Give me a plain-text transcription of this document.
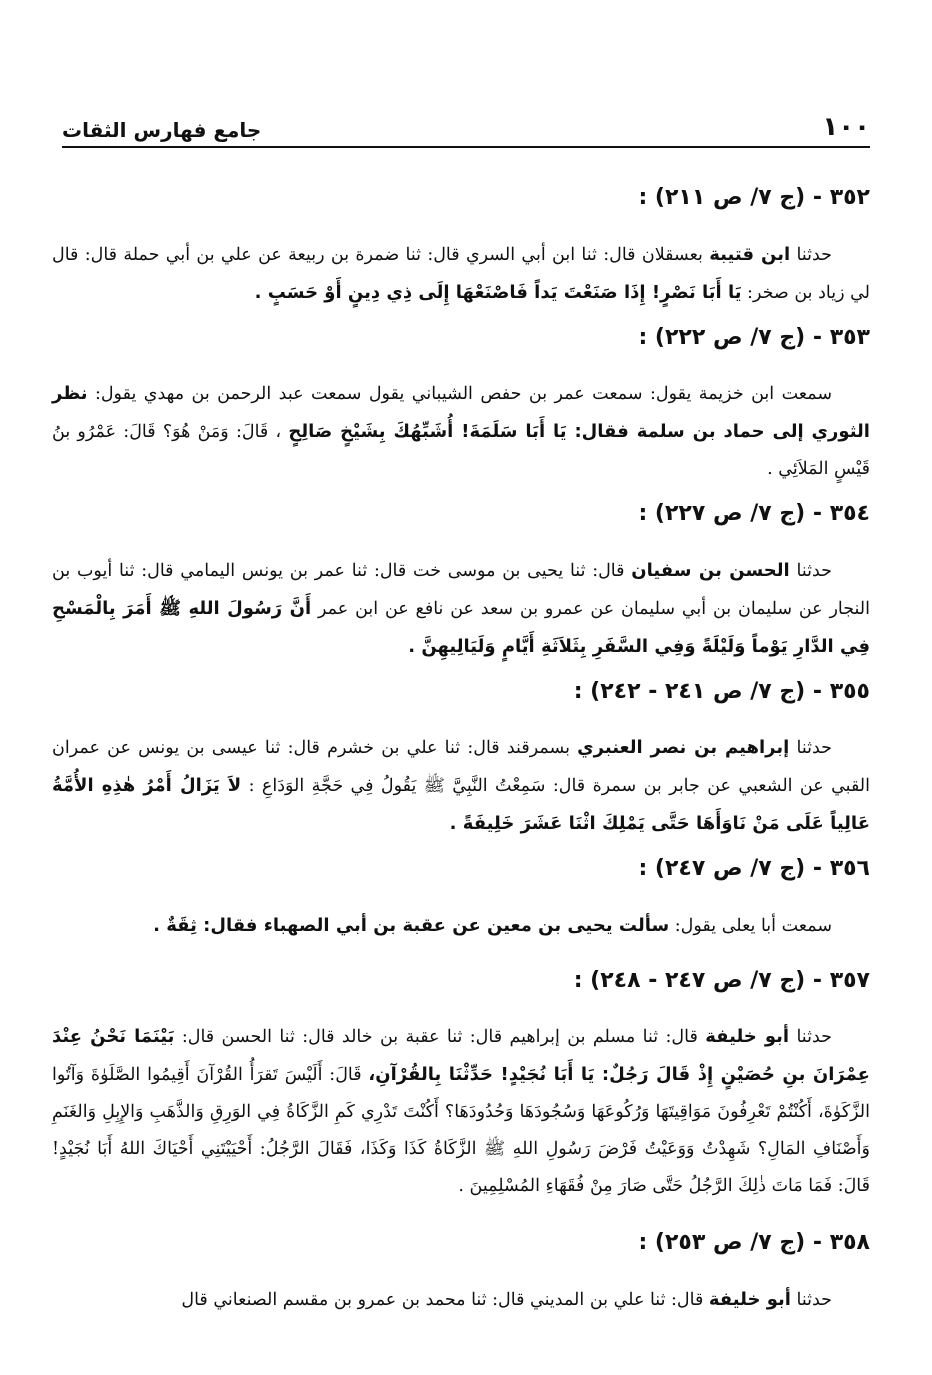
١٠٠
جامع فهارس الثقات
٣٥٢ - (ج ٧/ ص ٢١١) :

حدثنا ابن قتيبة بعسقلان قال: ثنا ابن أبي السري قال: ثنا ضمرة بن ربيعة عن علي بن أبي حملة قال: قال لي زياد بن صخر: يَا أَبَا نَصْرٍ! إِذَا صَنَعْتَ يَداً فَاصْنَعْهَا إِلَى ذِي دِينٍ أَوْ حَسَبٍ .

٣٥٣ - (ج ٧/ ص ٢٢٢) :

سمعت ابن خزيمة يقول: سمعت عمر بن حفص الشيباني يقول سمعت عبد الرحمن بن مهدي يقول: نظر الثوري إلى حماد بن سلمة فقال: يَا أَبَا سَلَمَةَ! أُشَبِّهُكَ بِشَيْخٍ صَالِحٍ ، قَالَ: وَمَنْ هُوَ؟ قَالَ: عَمْرُو بنُ قَيْسٍ المَلاَئِي .

٣٥٤ - (ج ٧/ ص ٢٢٧) :

حدثنا الحسن بن سفيان قال: ثنا يحيى بن موسى خت قال: ثنا عمر بن يونس اليمامي قال: ثنا أيوب بن النجار عن سليمان بن أبي سليمان عن عمرو بن سعد عن نافع عن ابن عمر أَنَّ رَسُولَ اللهِ ﷺ أَمَرَ بِالْمَسْحِ فِي الدَّارِ يَوْماً وَلَيْلَةً وَفِي السَّفَرِ بِثَلاَثَةِ أَيَّامٍ وَلَيَالِيهِنَّ .

٣٥٥ - (ج ٧/ ص ٢٤١ - ٢٤٢) :

حدثنا إبراهيم بن نصر العنبري بسمرقند قال: ثنا علي بن خشرم قال: ثنا عيسى بن يونس عن عمران القبي عن الشعبي عن جابر بن سمرة قال: سَمِعْتُ النَّبِيَّ ﷺ يَقُولُ فِي حَجَّةِ الوَدَاعِ : لاَ يَزَالُ أَمْرُ هٰذِهِ الأُمَّةُ عَالِياً عَلَى مَنْ نَاوَأَهَا حَتَّى يَمْلِكَ اثْنَا عَشَرَ خَلِيفَةً .

٣٥٦ - (ج ٧/ ص ٢٤٧) :

سمعت أبا يعلى يقول: سألت يحيى بن معين عن عقبة بن أبي الصهباء فقال: ثِقَةٌ .

٣٥٧ - (ج ٧/ ص ٢٤٧ - ٢٤٨) :

حدثنا أبو خليفة قال: ثنا مسلم بن إبراهيم قال: ثنا عقبة بن خالد قال: ثنا الحسن قال: بَيْنَمَا نَحْنُ عِنْدَ عِمْرَانَ بنِ حُصَيْنٍ إِذْ قَالَ رَجُلٌ: يَا أَبَا نُجَيْدٍ! حَدِّثْنَا بِالقُرْآنِ، قَالَ: أَلَيْسَ تَقرَأُ القُرْآنَ أَقِيمُوا الصَّلَوٰةَ وَآتُوا الزَّكَوٰةَ، أَكُنْتُمْ تَعْرِفُونَ مَوَاقِيتَهَا وَرُكُوعَهَا وَسُجُودَهَا وَحُدُودَهَا؟ أَكُنْتَ تَدْرِي كَمِ الزَّكَاةُ فِي الوَرِقِ وَالذَّهَبِ وَالإِبِلِ وَالغَنَمِ وَأَصْنَافِ المَالِ؟ شَهِدْتُ وَوَعَيْتُ فَرْضَ رَسُولِ اللهِ ﷺ الزَّكَاةُ كَذَا وَكَذَا، فَقَالَ الرَّجُلُ: أَحْيَيْتَنِي أَحْيَاكَ اللهُ أَبَا نُجَيْدٍ! قَالَ: فَمَا مَاتَ ذٰلِكَ الرَّجُلُ حَتَّى صَارَ مِنْ فُقَهَاءِ المُسْلِمِينَ .

٣٥٨ - (ج ٧/ ص ٢٥٣) :

حدثنا أبو خليفة قال: ثنا علي بن المديني قال: ثنا محمد بن عمرو بن مقسم الصنعاني قال
